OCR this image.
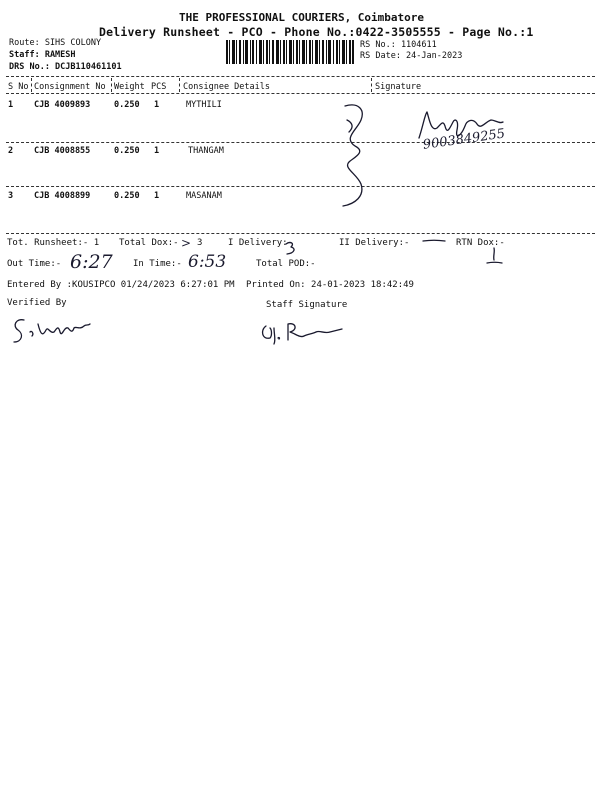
THE PROFESSIONAL COURIERS, Coimbatore
Delivery Runsheet - PCO - Phone No.:0422-3505555 - Page No.:1
Route: SIHS COLONY
Staff: RAMESH
DRS No.: DCJB110461101
RS No.: 1104611
RS Date: 24-Jan-2023
S No Consignment No Weight PCS Consignee Details	Signature
1 CJB 4009893	0.250 1	MYTHILI
2 CJB 4008855	0.250 1	THANGAM
3 CJB 4008899	0.250 1	MASANAM
9003849255
Tot. Runsheet:- 1 Total Dox:- > 3	I Delivery:-	II Delivery:-	RTN Dox:-
Out Time:- 6:27 In Time:- 6:53	Total POD:-
Entered By :KOUSIPCO 01/24/2023 6:27:01 PM Printed On: 24-01-2023 18:42:49
Verified By	Staff Signature
